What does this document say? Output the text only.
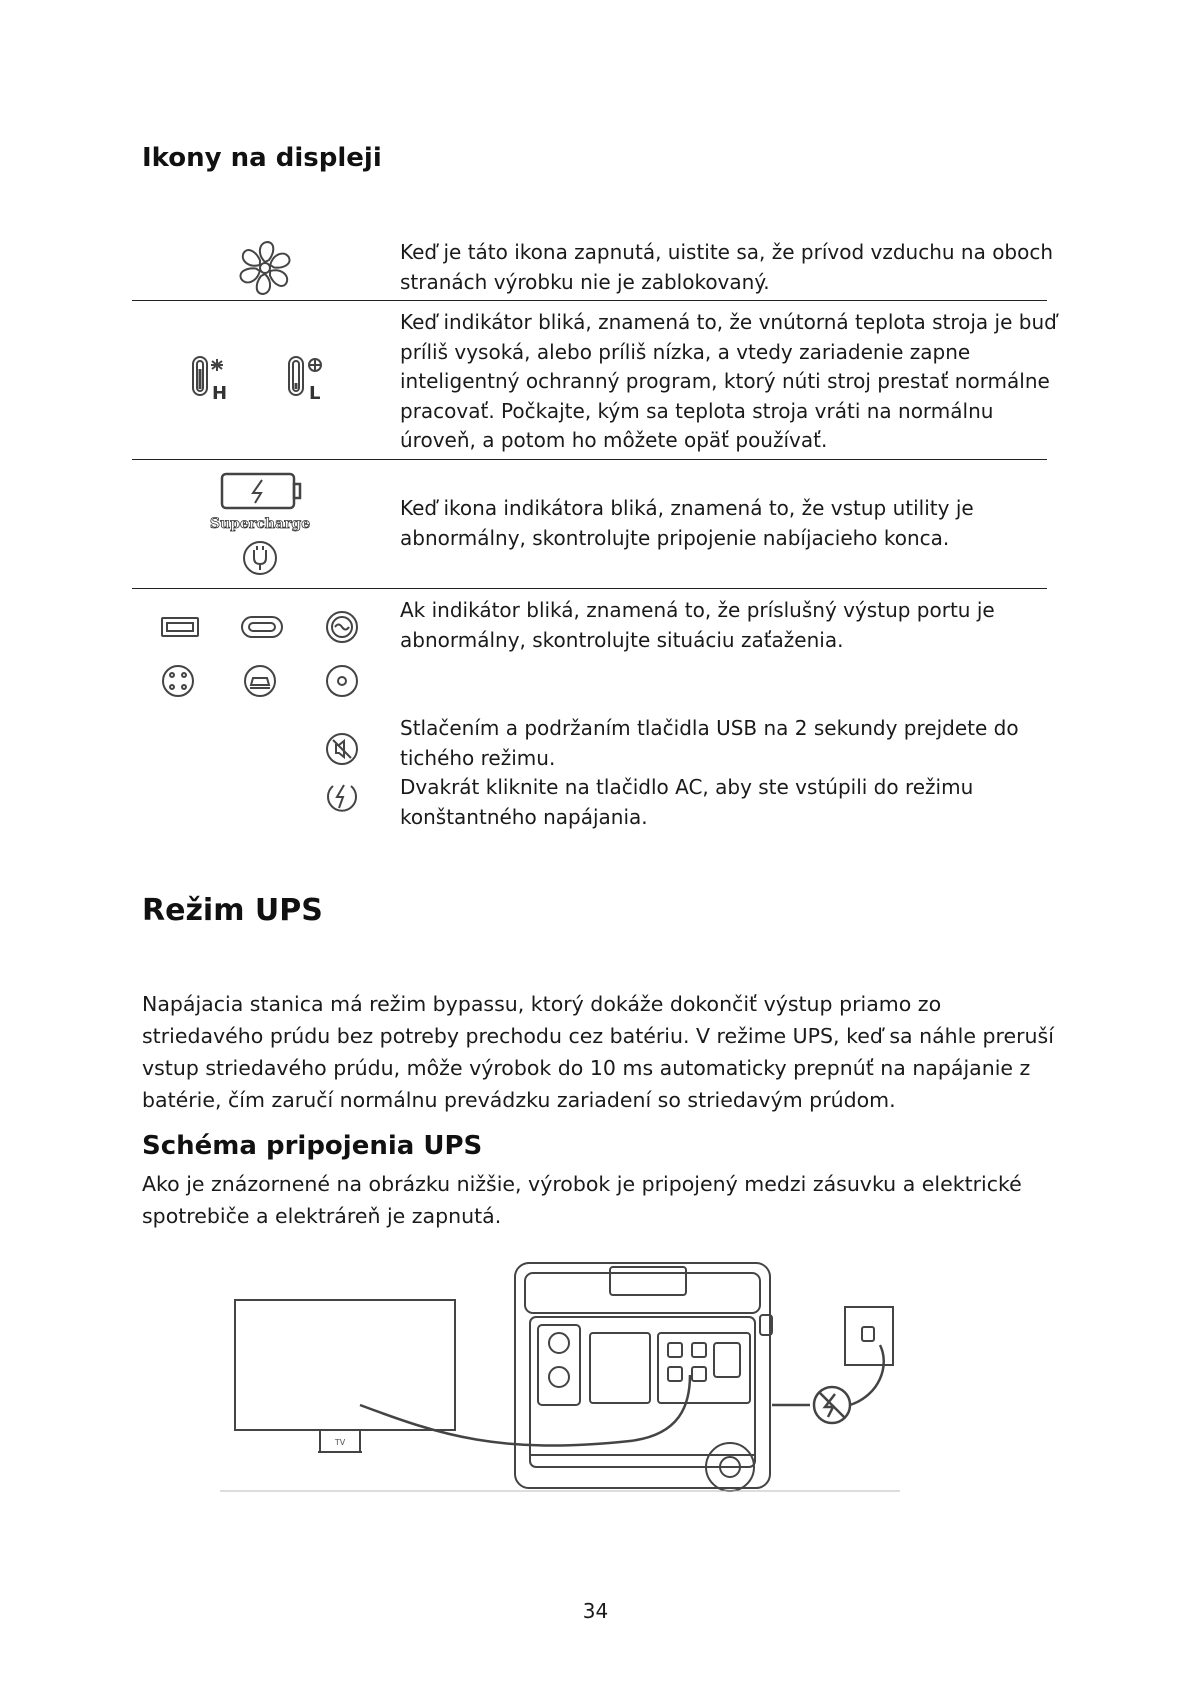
Ikony na displeji
Keď je táto ikona zapnutá, uistite sa, že prívod vzduchu na oboch stranách výrobku nie je zablokovaný.
H	L
Keď indikátor bliká, znamená to, že vnútorná teplota stroja je buď príliš vysoká, alebo príliš nízka, a vtedy zariadenie zapne inteligentný ochranný program, ktorý núti stroj prestať normálne pracovať. Počkajte, kým sa teplota stroja vráti na normálnu úroveň, a potom ho môžete opäť používať.
Supercharge
Keď ikona indikátora bliká, znamená to, že vstup utility je abnormálny, skontrolujte pripojenie nabíjacieho konca.
Ak indikátor bliká, znamená to, že príslušný výstup portu je abnormálny, skontrolujte situáciu zaťaženia.
Stlačením a podržaním tlačidla USB na 2 sekundy prejdete do tichého režimu.
Dvakrát kliknite na tlačidlo AC, aby ste vstúpili do režimu konštantného napájania.
Režim UPS
Napájacia stanica má režim bypassu, ktorý dokáže dokončiť výstup priamo zo striedavého prúdu bez potreby prechodu cez batériu. V režime UPS, keď sa náhle preruší vstup striedavého prúdu, môže výrobok do 10 ms automaticky prepnúť na napájanie z batérie, čím zaručí normálnu prevádzku zariadení so striedavým prúdom.
Schéma pripojenia UPS
Ako je znázornené na obrázku nižšie, výrobok je pripojený medzi zásuvku a elektrické spotrebiče a elektráreň je zapnutá.
TV
34
